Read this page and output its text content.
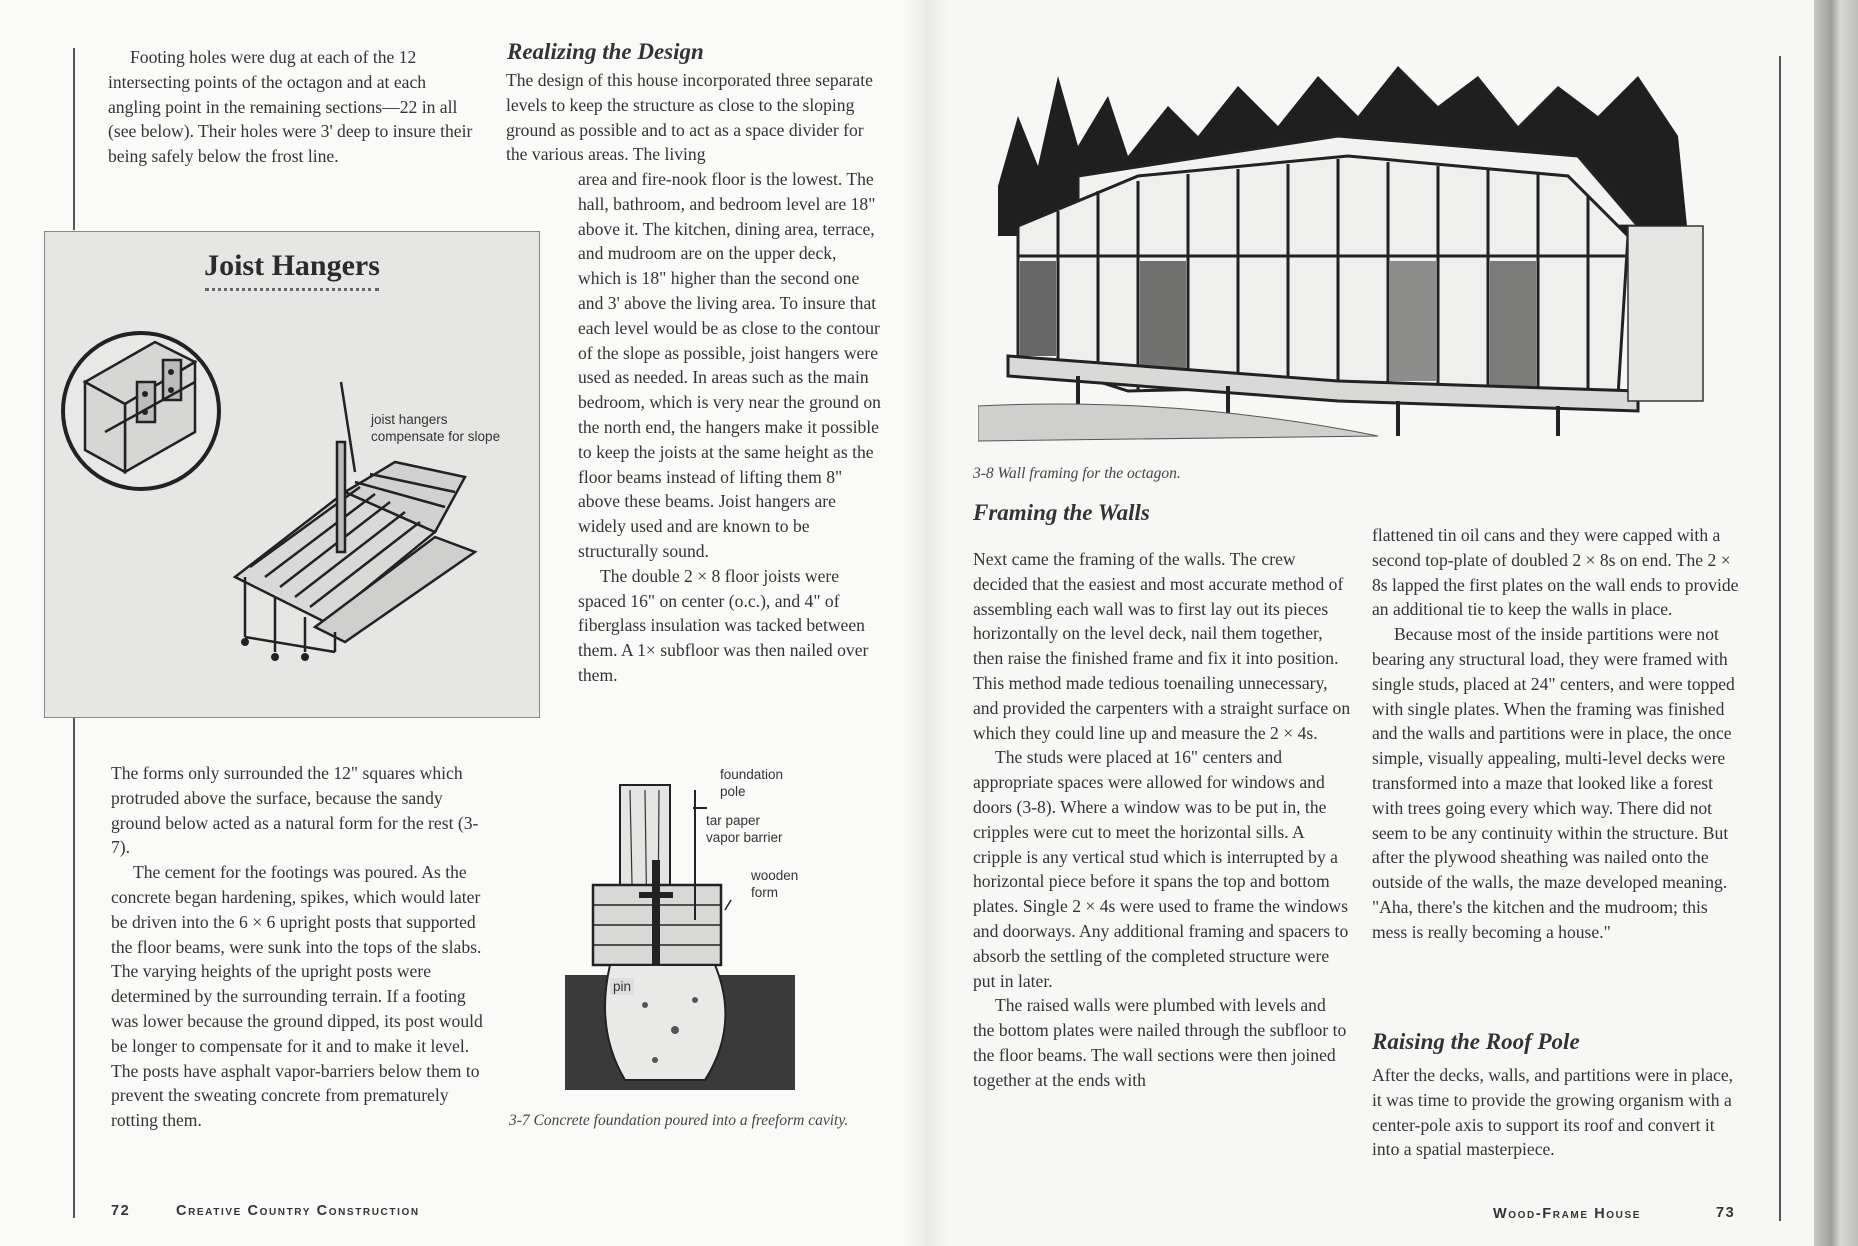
Footing holes were dug at each of the 12 intersecting points of the octagon and at each angling point in the remaining sections—22 in all (see below). Their holes were 3' deep to insure their being safely below the frost line.
Joist Hangers
joist hangers
compensate for slope

The forms only surrounded the 12" squares which protruded above the surface, because the sandy ground below acted as a natural form for the rest (3-7).

The cement for the footings was poured. As the concrete began hardening, spikes, which would later be driven into the 6 × 6 upright posts that supported the floor beams, were sunk into the tops of the slabs. The varying heights of the upright posts were determined by the surrounding terrain. If a footing was lower because the ground dipped, its post would be longer to compensate for it and to make it level. The posts have asphalt vapor-barriers below them to prevent the sweating concrete from prematurely rotting them.

Realizing the Design
The design of this house incorporated three separate levels to keep the structure as close to the sloping ground as possible and to act as a space divider for the various areas. The living

area and fire-nook floor is the lowest. The hall, bathroom, and bedroom level are 18" above it. The kitchen, dining area, terrace, and mudroom are on the upper deck, which is 18" higher than the second one and 3' above the living area. To insure that each level would be as close to the contour of the slope as possible, joist hangers were used as needed. In areas such as the main bedroom, which is very near the ground on the north end, the hangers make it possible to keep the joists at the same height as the floor beams instead of lifting them 8" above these beams. Joist hangers are widely used and are known to be structurally sound.

The double 2 × 8 floor joists were spaced 16" on center (o.c.), and 4" of fiberglass insulation was tacked between them. A 1× subfloor was then nailed over them.

foundation
pole
tar paper
vapor barrier
wooden
form
pin
3-7 Concrete foundation poured into a freeform cavity.
72	Creative Country Construction
3-8 Wall framing for the octagon.
Framing the Walls

Next came the framing of the walls. The crew decided that the easiest and most accurate method of assembling each wall was to first lay out its pieces horizontally on the level deck, nail them together, then raise the finished frame and fix it into position. This method made tedious toenailing unnecessary, and provided the carpenters with a straight surface on which they could line up and measure the 2 × 4s.

The studs were placed at 16" centers and appropriate spaces were allowed for windows and doors (3-8). Where a window was to be put in, the cripples were cut to meet the horizontal sills. A cripple is any vertical stud which is interrupted by a horizontal piece before it spans the top and bottom plates. Single 2 × 4s were used to frame the windows and doorways. Any additional framing and spacers to absorb the settling of the completed structure were put in later.

The raised walls were plumbed with levels and the bottom plates were nailed through the subfloor to the floor beams. The wall sections were then joined together at the ends with

flattened tin oil cans and they were capped with a second top-plate of doubled 2 × 8s on end. The 2 × 8s lapped the first plates on the wall ends to provide an additional tie to keep the walls in place.

Because most of the inside partitions were not bearing any structural load, they were framed with single studs, placed at 24" centers, and were topped with single plates. When the framing was finished and the walls and partitions were in place, the once simple, visually appealing, multi-level decks were transformed into a maze that looked like a forest with trees going every which way. There did not seem to be any continuity within the structure. But after the plywood sheathing was nailed onto the outside of the walls, the maze developed meaning. "Aha, there's the kitchen and the mudroom; this mess is really becoming a house."

Raising the Roof Pole
After the decks, walls, and partitions were in place, it was time to provide the growing organism with a center-pole axis to support its roof and convert it into a spatial masterpiece.
Wood-Frame House	73
